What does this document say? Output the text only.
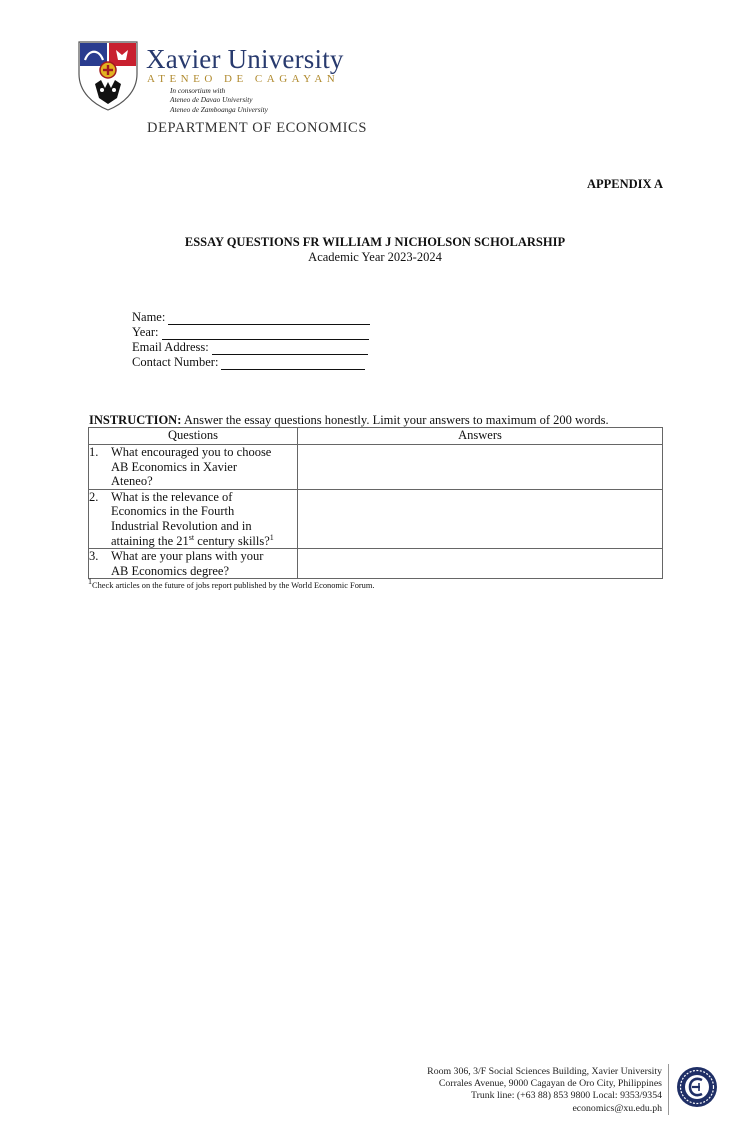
Xavier University
ATENEO DE CAGAYAN
In consortium with
Ateneo de Davao University
Ateneo de Zamboanga University
DEPARTMENT OF ECONOMICS
APPENDIX A
ESSAY QUESTIONS FR WILLIAM J NICHOLSON SCHOLARSHIP
Academic Year 2023-2024
Name:
Year:
Email Address:
Contact Number:
INSTRUCTION: Answer the essay questions honestly. Limit your answers to maximum of 200 words.
Questions	Answers

1. What encouraged you to choose
AB Economics in Xavier
Ateneo?	

2. What is the relevance of
Economics in the Fourth
Industrial Revolution and in
attaining the 21st century skills?$^1$

3. What are your plans with your
AB Economics degree?	

$^1$Check articles on the future of jobs report published by the World Economic Forum.
Room 306, 3/F Social Sciences Building, Xavier University
Corrales Avenue, 9000 Cagayan de Oro City, Philippines
Trunk line: (+63 88) 853 9800 Local: 9353/9354
economics@xu.edu.ph
